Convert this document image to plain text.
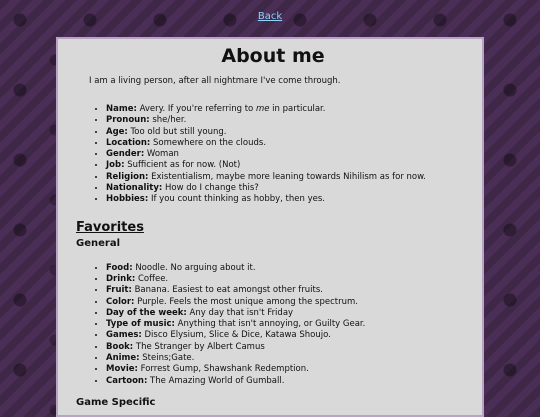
Back
About me

I am a living person, after all nightmare I've come through.

• Name: Avery. If you're referring to me in particular.
• Pronoun: she/her.
• Age: Too old but still young.
• Location: Somewhere on the clouds.
• Gender: Woman
• Job: Sufficient as for now. (Not)
• Religion: Existentialism, maybe more leaning towards Nihilism as for now.
• Nationality: How do I change this?
• Hobbies: If you count thinking as hobby, then yes.
Favorites
General
• Food: Noodle. No arguing about it.
• Drink: Coffee.
• Fruit: Banana. Easiest to eat amongst other fruits.
• Color: Purple. Feels the most unique among the spectrum.
• Day of the week: Any day that isn't Friday
• Type of music: Anything that isn't annoying, or Guilty Gear.
• Games: Disco Elysium, Slice & Dice, Katawa Shoujo.
• Book: The Stranger by Albert Camus
• Anime: Steins;Gate.
• Movie: Forrest Gump, Shawshank Redemption.
• Cartoon: The Amazing World of Gumball.
Game Specific
